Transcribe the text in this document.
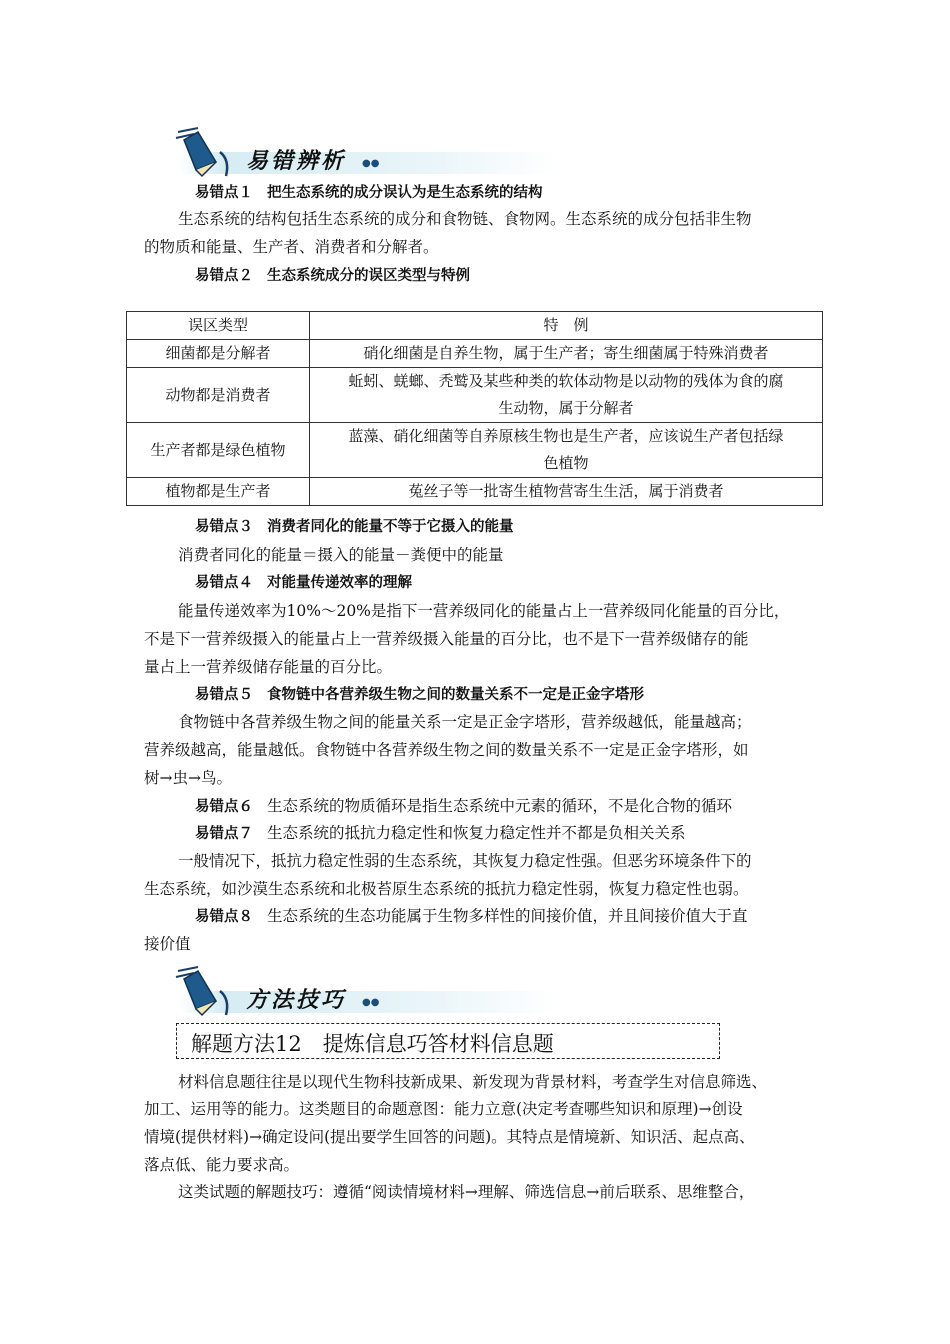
易错辨析 ●●
易错点１ 把生态系统的成分误认为是生态系统的结构
生态系统的结构包括生态系统的成分和食物链、食物网。生态系统的成分包括非生物
的物质和能量、生产者、消费者和分解者。
易错点２ 生态系统成分的误区类型与特例
误区类型	特　例
细菌都是分解者	硝化细菌是自养生物，属于生产者；寄生细菌属于特殊消费者
动物都是消费者	蚯蚓、蜣螂、秃鹫及某些种类的软体动物是以动物的残体为食的腐
生动物，属于分解者
生产者都是绿色植物	蓝藻、硝化细菌等自养原核生物也是生产者，应该说生产者包括绿
色植物
植物都是生产者	菟丝子等一批寄生植物营寄生生活，属于消费者
易错点３ 消费者同化的能量不等于它摄入的能量
消费者同化的能量＝摄入的能量－粪便中的能量
易错点４ 对能量传递效率的理解
能量传递效率为10%～20%是指下一营养级同化的能量占上一营养级同化能量的百分比，
不是下一营养级摄入的能量占上一营养级摄入能量的百分比，也不是下一营养级储存的能
量占上一营养级储存能量的百分比。
易错点５ 食物链中各营养级生物之间的数量关系不一定是正金字塔形
食物链中各营养级生物之间的能量关系一定是正金字塔形，营养级越低，能量越高；
营养级越高，能量越低。食物链中各营养级生物之间的数量关系不一定是正金字塔形，如
树→虫→鸟。
易错点６ 生态系统的物质循环是指生态系统中元素的循环，不是化合物的循环
易错点７ 生态系统的抵抗力稳定性和恢复力稳定性并不都是负相关关系
一般情况下，抵抗力稳定性弱的生态系统，其恢复力稳定性强。但恶劣环境条件下的
生态系统，如沙漠生态系统和北极苔原生态系统的抵抗力稳定性弱，恢复力稳定性也弱。
易错点８ 生态系统的生态功能属于生物多样性的间接价值，并且间接价值大于直
接价值
方法技巧 ●●
解题方法12　提炼信息巧答材料信息题
材料信息题往往是以现代生物科技新成果、新发现为背景材料，考查学生对信息筛选、
加工、运用等的能力。这类题目的命题意图：能力立意(决定考查哪些知识和原理)→创设
情境(提供材料)→确定设问(提出要学生回答的问题)。其特点是情境新、知识活、起点高、
落点低、能力要求高。
这类试题的解题技巧：遵循“阅读情境材料→理解、筛选信息→前后联系、思维整合，
